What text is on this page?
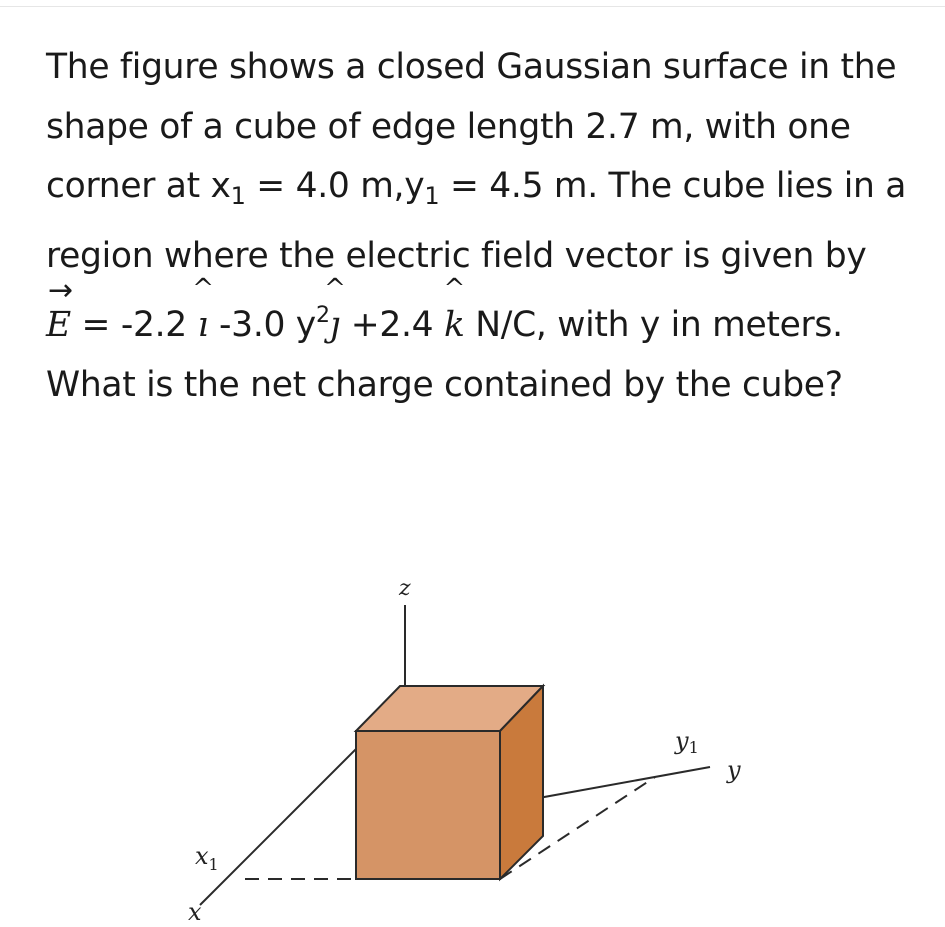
The figure shows a closed Gaussian surface in the shape of a cube of edge length 2.7 m, with one corner at $x_1 = 4.0$ $m,y_1 = 4.5$ m. The cube lies in a region where the electric field vector is given by

→
E = -2.2
^
ı -3.0 $y^2$
^
ȷ +2.4
^
k N/C, with y in meters. What is the net charge contained by the cube?

z
y
x
y1
$x_1$
